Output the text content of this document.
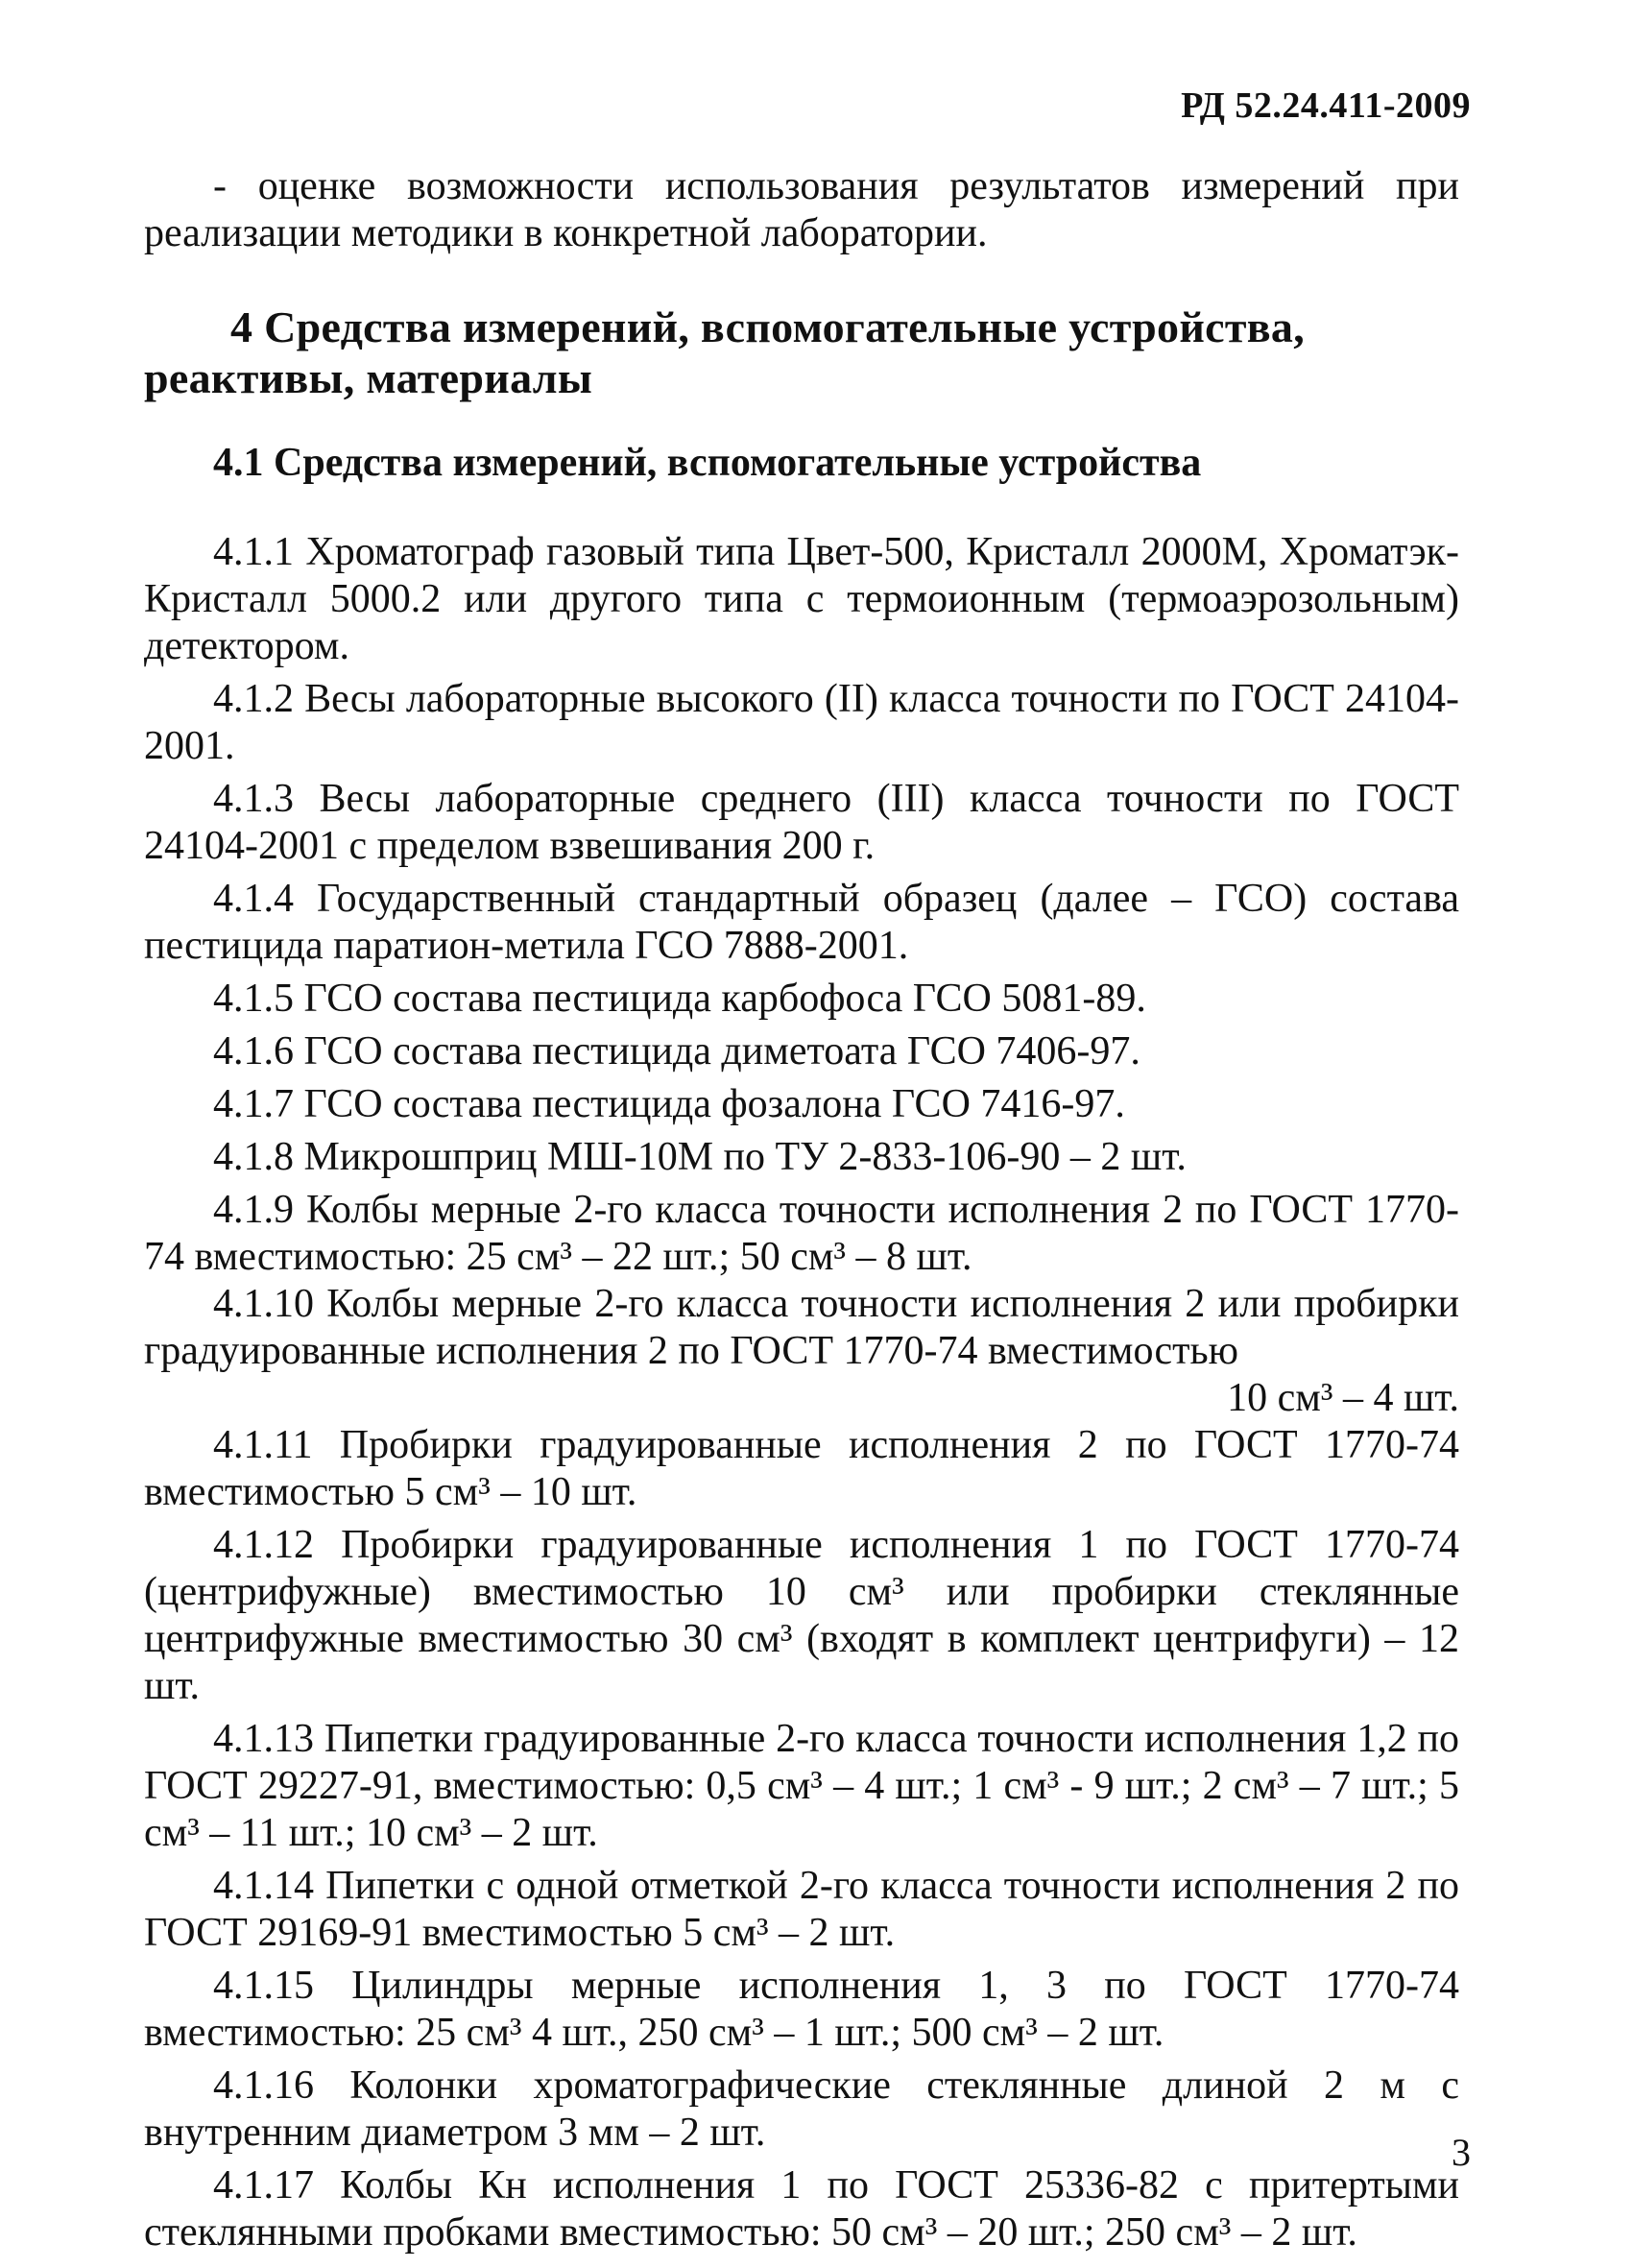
РД 52.24.411-2009

- оценке возможности использования результатов измерений при реализации методики в конкретной лаборатории.

4 Средства измерений, вспомогательные устройства, реактивы, материалы
4.1 Средства измерений, вспомогательные устройства

4.1.1 Хроматограф газовый типа Цвет-500, Кристалл 2000М, Хроматэк-Кристалл 5000.2 или другого типа с термоионным (термоаэрозольным) детектором.

4.1.2 Весы лабораторные высокого (II) класса точности по ГОСТ 24104-2001.

4.1.3 Весы лабораторные среднего (III) класса точности по ГОСТ 24104-2001 с пределом взвешивания 200 г.

4.1.4 Государственный стандартный образец (далее – ГСО) состава пестицида паратион-метила ГСО 7888-2001.

4.1.5 ГСО состава пестицида карбофоса ГСО 5081-89.

4.1.6 ГСО состава пестицида диметоата ГСО 7406-97.

4.1.7 ГСО состава пестицида фозалона ГСО 7416-97.

4.1.8 Микрошприц МШ-10М по ТУ 2-833-106-90 – 2 шт.

4.1.9 Колбы мерные 2-го класса точности исполнения 2 по ГОСТ 1770-74 вместимостью: 25 см³ – 22 шт.; 50 см³ – 8 шт.

4.1.10 Колбы мерные 2-го класса точности исполнения 2 или пробирки градуированные исполнения 2 по ГОСТ 1770-74 вместимостью

10 см³ – 4 шт.

4.1.11 Пробирки градуированные исполнения 2 по ГОСТ 1770-74 вместимостью 5 см³ – 10 шт.

4.1.12 Пробирки градуированные исполнения 1 по ГОСТ 1770-74 (центрифужные) вместимостью 10 см³ или пробирки стеклянные центрифужные вместимостью 30 см³ (входят в комплект центрифуги) – 12 шт.

4.1.13 Пипетки градуированные 2-го класса точности исполнения 1,2 по ГОСТ 29227-91, вместимостью: 0,5 см³ – 4 шт.; 1 см³ - 9 шт.; 2 см³ – 7 шт.; 5 см³ – 11 шт.; 10 см³ – 2 шт.

4.1.14 Пипетки с одной отметкой 2-го класса точности исполнения 2 по ГОСТ 29169-91 вместимостью 5 см³ – 2 шт.

4.1.15 Цилиндры мерные исполнения 1, 3 по ГОСТ 1770-74 вместимостью: 25 см³ 4 шт., 250 см³ – 1 шт.; 500 см³ – 2 шт.

4.1.16 Колонки хроматографические стеклянные длиной 2 м с внутренним диаметром 3 мм – 2 шт.

4.1.17 Колбы Кн исполнения 1 по ГОСТ 25336-82 с притертыми стеклянными пробками вместимостью: 50 см³ – 20 шт.; 250 см³ – 2 шт.

3
